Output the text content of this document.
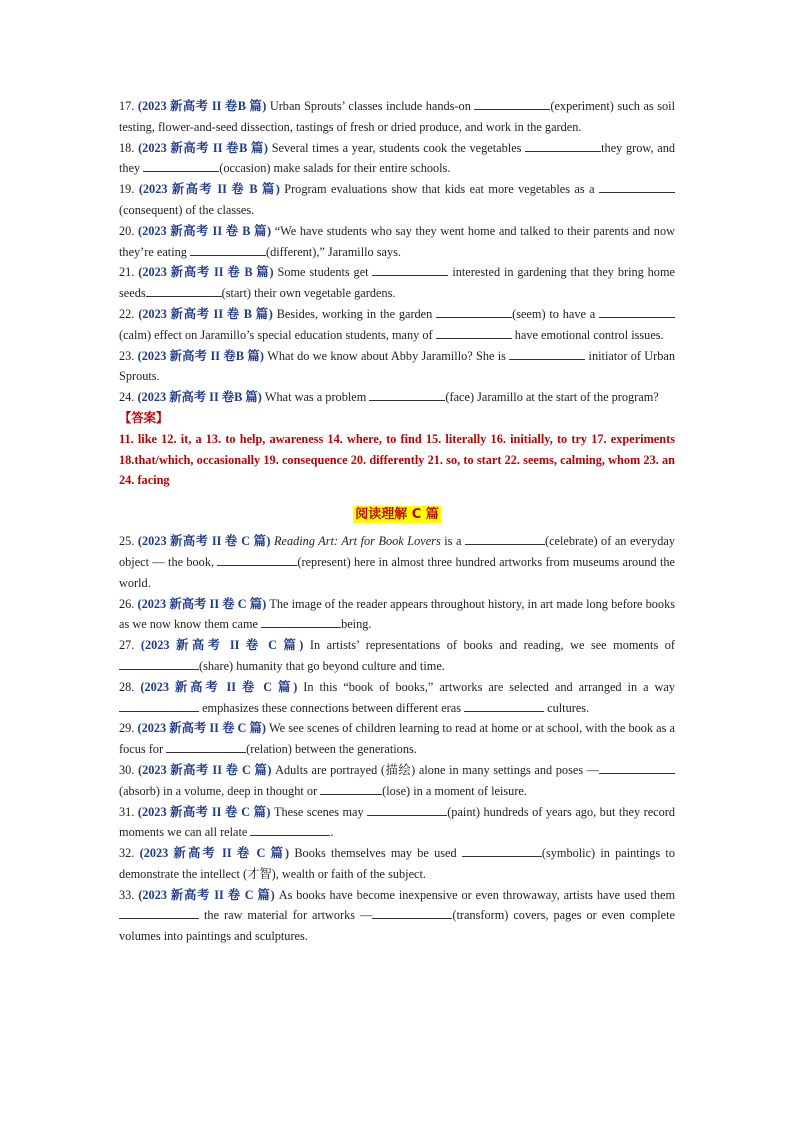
17. (2023 新高考 II 卷B 篇) Urban Sprouts’ classes include hands-on	(experiment) such as soil testing, flower-and-seed dissection, tastings of fresh or dried produce, and work in the garden.

18. (2023 新高考 II 卷B 篇) Several times a year, students cook the vegetables	they grow, and they	(occasion) make salads for their entire schools.

19. (2023 新高考 II 卷 B 篇) Program evaluations show that kids eat more vegetables as a (consequent) of the classes.

20. (2023 新高考 II 卷 B 篇) “We have students who say they went home and talked to their parents and now they’re eating	(different),” Jaramillo says.

21. (2023 新高考 II 卷 B 篇) Some students get	interested in gardening that they bring home seeds	(start) their own vegetable gardens.

22. (2023 新高考 II 卷 B 篇) Besides, working in the garden	(seem) to have a (calm) effect on Jaramillo’s special education students, many of	have emotional control issues.

23. (2023 新高考 II 卷B 篇) What do we know about Abby Jaramillo? She is	initiator of Urban Sprouts.

24. (2023 新高考 II 卷B 篇) What was a problem	(face) Jaramillo at the start of the program?

【答案】

11. like 12. it, a 13. to help, awareness 14. where, to find 15. literally 16. initially, to try 17. experiments 18.that/which, occasionally 19. consequence 20. differently 21. so, to start 22. seems, calming, whom 23. an 24. facing

阅读理解 C 篇

25. (2023 新高考 II 卷 C 篇) Reading Art: Art for Book Lovers is a	(celebrate) of an everyday object — the book,	(represent) here in almost three hundred artworks from museums around the world.

26. (2023 新高考 II 卷 C 篇) The image of the reader appears throughout history, in art made long before books as we now know them came	being.

27. (2023 新高考 II 卷 C 篇) In artists’ representations of books and reading, we see moments of (share) humanity that go beyond culture and time.

28. (2023 新高考 II 卷 C 篇) In this “book of books,” artworks are selected and arranged in a way  emphasizes these connections between different eras	cultures.

29. (2023 新高考 II 卷 C 篇) We see scenes of children learning to read at home or at school, with the book as a focus for	(relation) between the generations.

30. (2023 新高考 II 卷 C 篇) Adults are portrayed (描绘) alone in many settings and poses —(absorb) in a volume, deep in thought or	(lose) in a moment of leisure.

31. (2023 新高考 II 卷 C 篇) These scenes may	(paint) hundreds of years ago, but they record moments we can all relate	.

32. (2023 新高考 II 卷 C 篇) Books themselves may be used	(symbolic) in paintings to demonstrate the intellect (才智), wealth or faith of the subject.

33. (2023 新高考 II 卷 C 篇) As books have become inexpensive or even throwaway, artists have used them  the raw material for artworks —	(transform) covers, pages or even complete volumes into paintings and sculptures.
